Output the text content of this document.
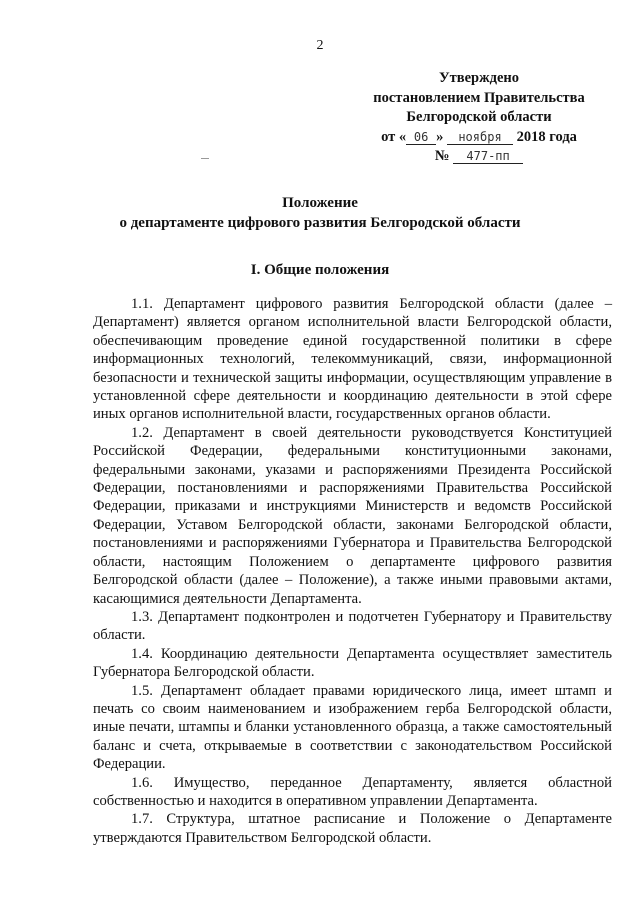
2
Утверждено
постановлением Правительства
Белгородской области
от « 06 » ноября 2018 года
№ 477-пп
Положение
о департаменте цифрового развития Белгородской области
I. Общие положения

1.1. Департамент цифрового развития Белгородской области (далее – Департамент) является органом исполнительной власти Белгородской области, обеспечивающим проведение единой государственной политики в сфере информационных технологий, телекоммуникаций, связи, информационной безопасности и технической защиты информации, осуществляющим управление в установленной сфере деятельности и координацию деятельности в этой сфере иных органов исполнительной власти, государственных органов области.

1.2. Департамент в своей деятельности руководствуется Конституцией Российской Федерации, федеральными конституционными законами, федеральными законами, указами и распоряжениями Президента Российской Федерации, постановлениями и распоряжениями Правительства Российской Федерации, приказами и инструкциями Министерств и ведомств Российской Федерации, Уставом Белгородской области, законами Белгородской области, постановлениями и распоряжениями Губернатора и Правительства Белгородской области, настоящим Положением о департаменте цифрового развития Белгородской области (далее – Положение), а также иными правовыми актами, касающимися деятельности Департамента.

1.3. Департамент подконтролен и подотчетен Губернатору и Правительству области.

1.4. Координацию деятельности Департамента осуществляет заместитель Губернатора Белгородской области.

1.5. Департамент обладает правами юридического лица, имеет штамп и печать со своим наименованием и изображением герба Белгородской области, иные печати, штампы и бланки установленного образца, а также самостоятельный баланс и счета, открываемые в соответствии с законодательством Российской Федерации.

1.6. Имущество, переданное Департаменту, является областной собственностью и находится в оперативном управлении Департамента.

1.7. Структура, штатное расписание и Положение о Департаменте утверждаются Правительством Белгородской области.
